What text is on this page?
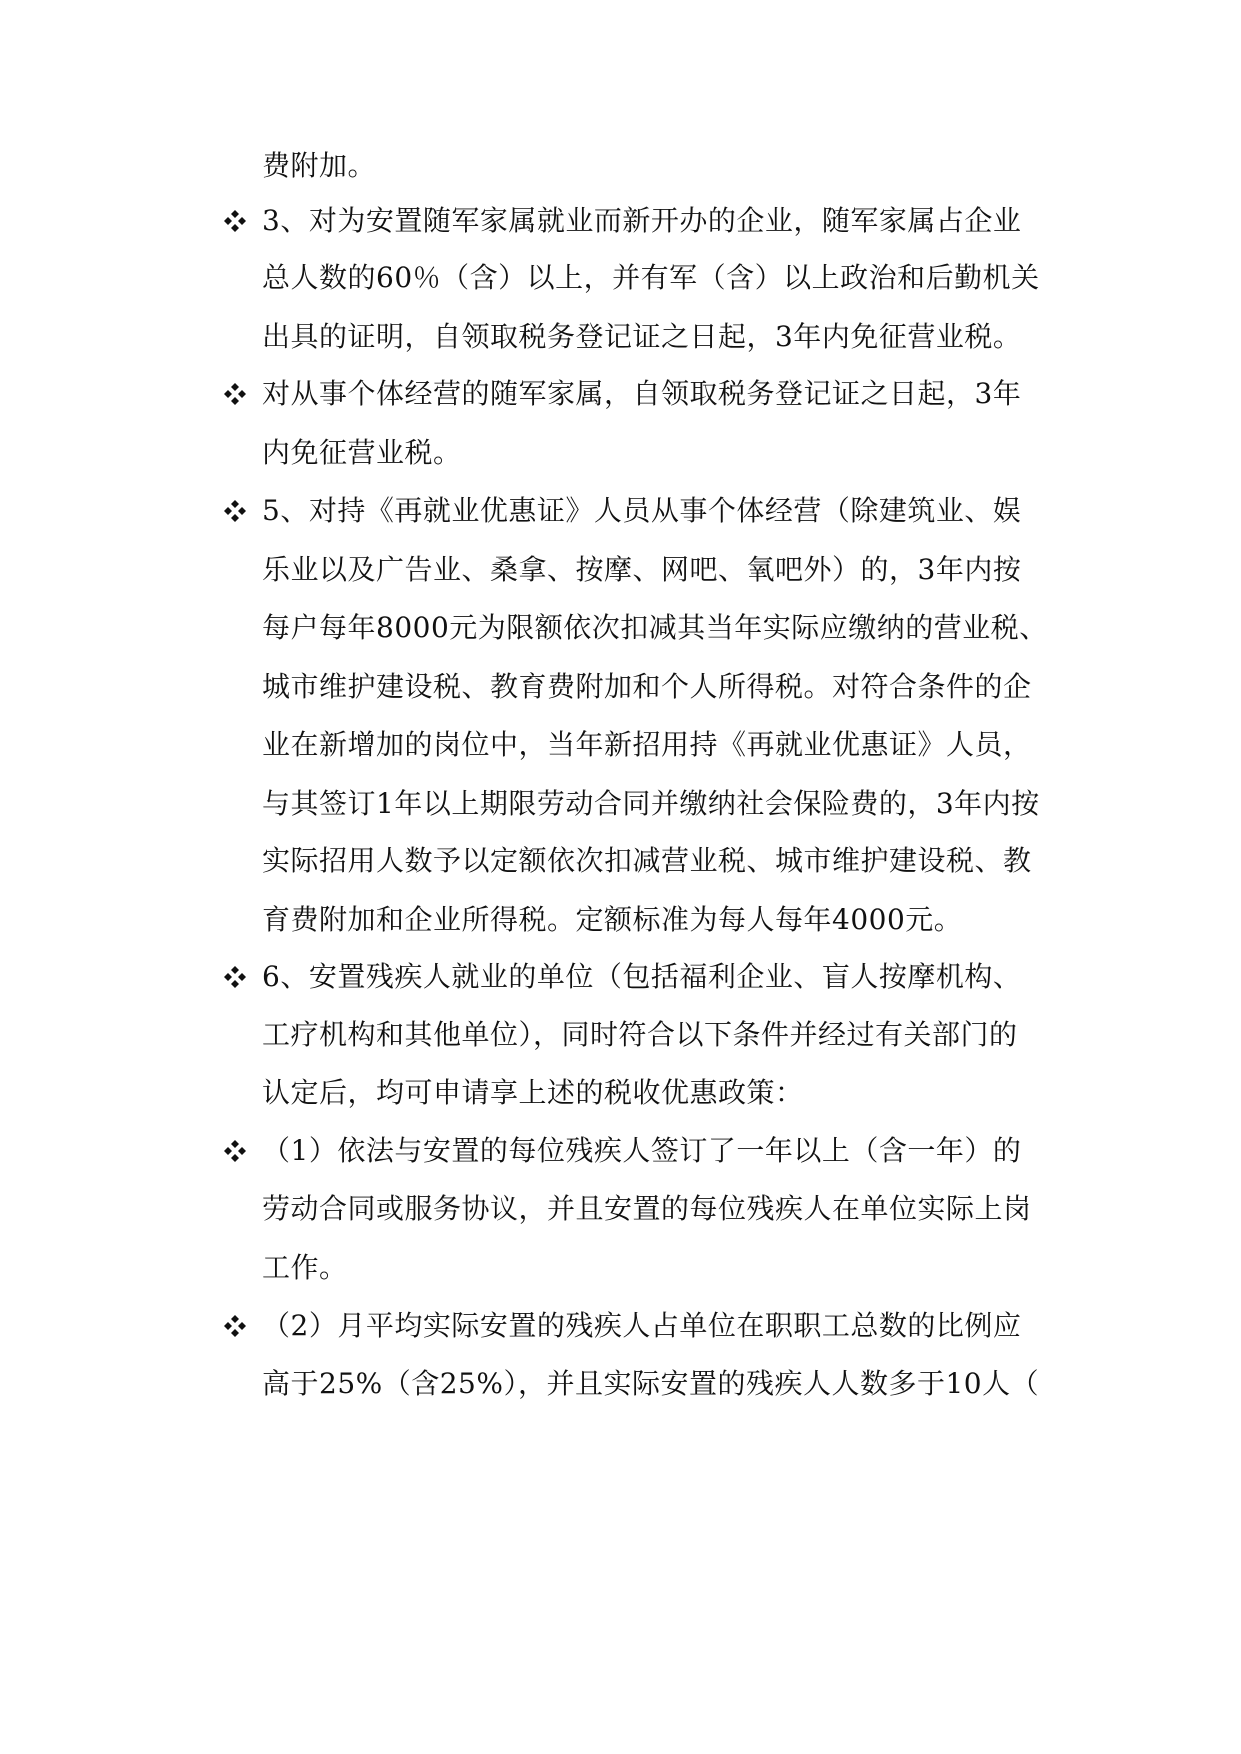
费附加。
3、对为安置随军家属就业而新开办的企业，随军家属占企业
总人数的60％（含）以上，并有军（含）以上政治和后勤机关
出具的证明，自领取税务登记证之日起，3年内免征营业税。
对从事个体经营的随军家属，自领取税务登记证之日起，3年
内免征营业税。
5、对持《再就业优惠证》人员从事个体经营（除建筑业、娱
乐业以及广告业、桑拿、按摩、网吧、氧吧外）的，3年内按
每户每年8000元为限额依次扣减其当年实际应缴纳的营业税、
城市维护建设税、教育费附加和个人所得税。对符合条件的企
业在新增加的岗位中，当年新招用持《再就业优惠证》人员，
与其签订1年以上期限劳动合同并缴纳社会保险费的，3年内按
实际招用人数予以定额依次扣减营业税、城市维护建设税、教
育费附加和企业所得税。定额标准为每人每年4000元。
6、安置残疾人就业的单位（包括福利企业、盲人按摩机构、
工疗机构和其他单位），同时符合以下条件并经过有关部门的
认定后，均可申请享上述的税收优惠政策：
（1）依法与安置的每位残疾人签订了一年以上（含一年）的
劳动合同或服务协议，并且安置的每位残疾人在单位实际上岗
工作。
（2）月平均实际安置的残疾人占单位在职职工总数的比例应
高于25%（含25%），并且实际安置的残疾人人数多于10人（
